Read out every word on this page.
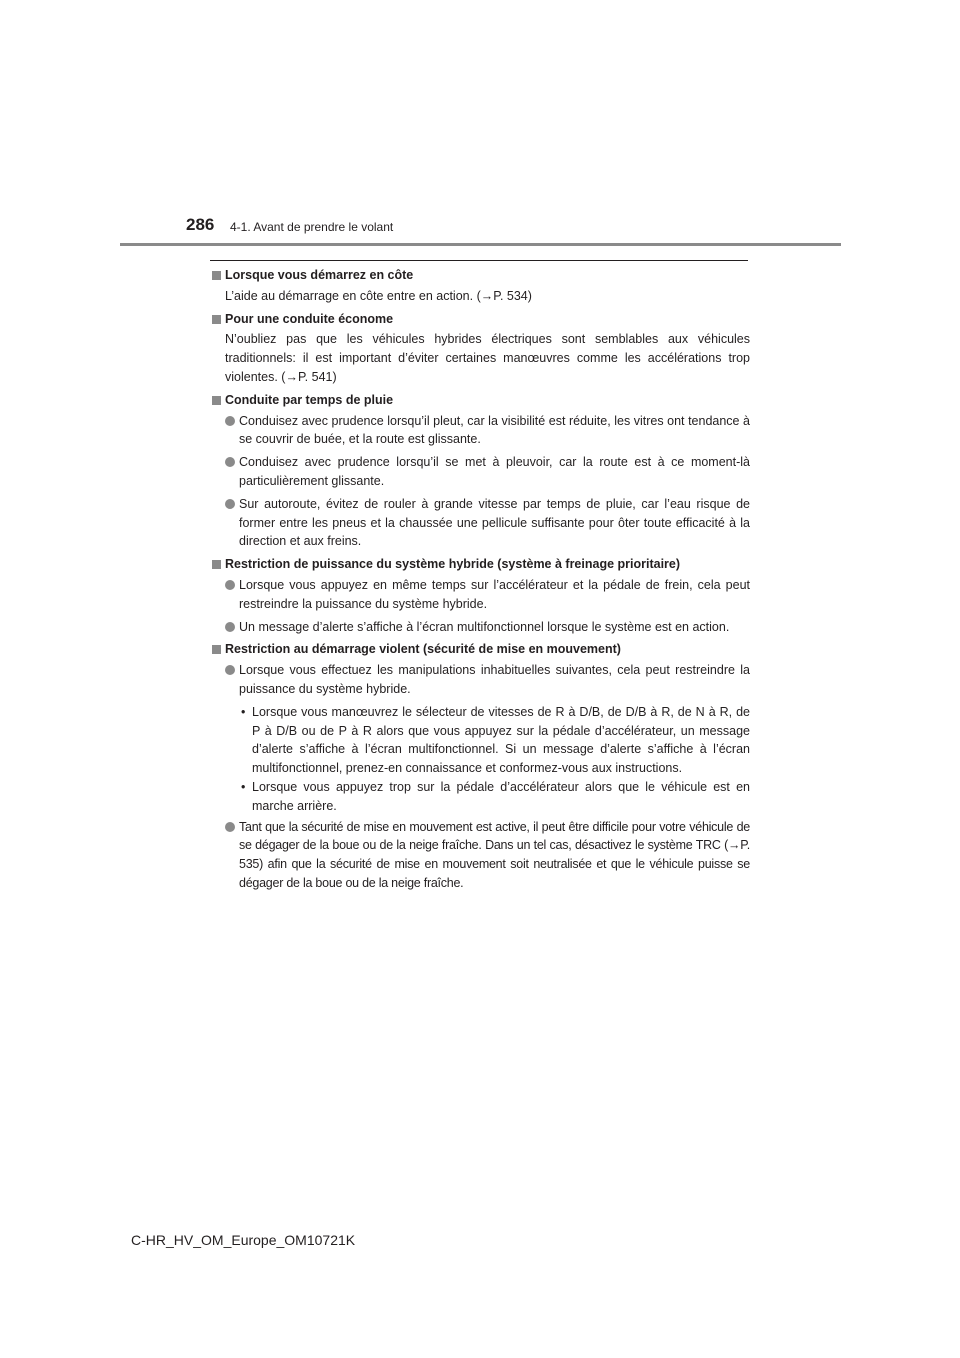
286 4-1. Avant de prendre le volant
Lorsque vous démarrez en côte
L’aide au démarrage en côte entre en action. (→P. 534)
Pour une conduite économe
N’oubliez pas que les véhicules hybrides électriques sont semblables aux véhicules traditionnels: il est important d’éviter certaines manœuvres comme les accélérations trop violentes. (→P. 541)
Conduite par temps de pluie
Conduisez avec prudence lorsqu’il pleut, car la visibilité est réduite, les vitres ont tendance à se couvrir de buée, et la route est glissante.
Conduisez avec prudence lorsqu’il se met à pleuvoir, car la route est à ce moment-là particulièrement glissante.
Sur autoroute, évitez de rouler à grande vitesse par temps de pluie, car l’eau risque de former entre les pneus et la chaussée une pellicule suffisante pour ôter toute efficacité à la direction et aux freins.
Restriction de puissance du système hybride (système à freinage prioritaire)
Lorsque vous appuyez en même temps sur l’accélérateur et la pédale de frein, cela peut restreindre la puissance du système hybride.
Un message d’alerte s’affiche à l’écran multifonctionnel lorsque le système est en action.
Restriction au démarrage violent (sécurité de mise en mouvement)
Lorsque vous effectuez les manipulations inhabituelles suivantes, cela peut restreindre la puissance du système hybride.
• Lorsque vous manœuvrez le sélecteur de vitesses de R à D/B, de D/B à R, de N à R, de P à D/B ou de P à R alors que vous appuyez sur la pédale d’accélérateur, un message d’alerte s’affiche à l’écran multifonctionnel. Si un message d’alerte s’affiche à l’écran multifonctionnel, prenez-en connaissance et conformez-vous aux instructions.
• Lorsque vous appuyez trop sur la pédale d’accélérateur alors que le véhicule est en marche arrière.
Tant que la sécurité de mise en mouvement est active, il peut être difficile pour votre véhicule de se dégager de la boue ou de la neige fraîche. Dans un tel cas, désactivez le système TRC (→P. 535) afin que la sécurité de mise en mouvement soit neutralisée et que le véhicule puisse se dégager de la boue ou de la neige fraîche.
C-HR_HV_OM_Europe_OM10721K
